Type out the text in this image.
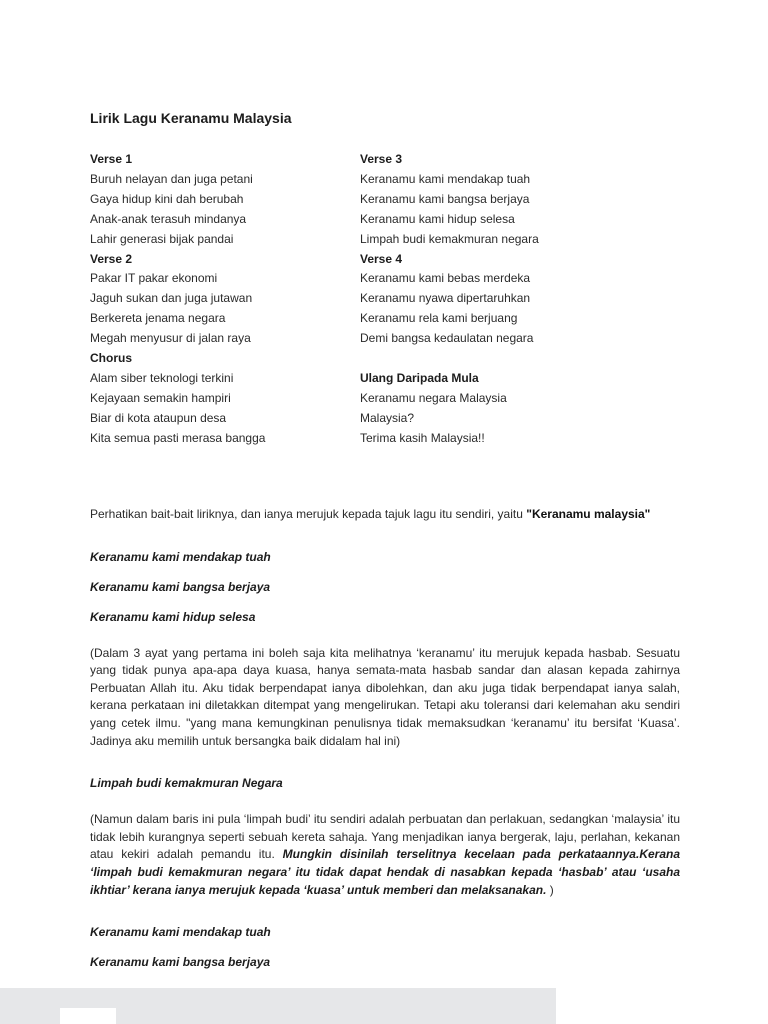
Lirik Lagu Keranamu Malaysia
Verse 1
Buruh nelayan dan juga petani
Gaya hidup kini dah berubah
Anak-anak terasuh mindanya
Lahir generasi bijak pandai
Verse 2
Pakar IT pakar ekonomi
Jaguh sukan dan juga jutawan
Berkereta jenama negara
Megah menyusur di jalan raya
Chorus
Alam siber teknologi terkini
Kejayaan semakin hampiri
Biar di kota ataupun desa
Kita semua pasti merasa bangga
Verse 3
Keranamu kami mendakap tuah
Keranamu kami bangsa berjaya
Keranamu kami hidup selesa
Limpah budi kemakmuran negara
Verse 4
Keranamu kami bebas merdeka
Keranamu nyawa dipertaruhkan
Keranamu rela kami berjuang
Demi bangsa kedaulatan negara
Ulang Daripada Mula
Keranamu negara Malaysia
Malaysia?
Terima kasih Malaysia!!

Perhatikan bait-bait liriknya, dan ianya merujuk kepada tajuk lagu itu sendiri, yaitu "Keranamu malaysia"

Keranamu kami mendakap tuah

Keranamu kami bangsa berjaya

Keranamu kami hidup selesa

(Dalam 3 ayat yang pertama ini boleh saja kita melihatnya ‘keranamu’ itu merujuk kepada hasbab. Sesuatu yang tidak punya apa-apa daya kuasa, hanya semata-mata hasbab sandar dan alasan kepada zahirnya Perbuatan Allah itu. Aku tidak berpendapat ianya dibolehkan, dan aku juga tidak berpendapat ianya salah, kerana perkataan ini diletakkan ditempat yang mengelirukan. Tetapi aku toleransi dari kelemahan aku sendiri yang cetek ilmu. "yang mana kemungkinan penulisnya tidak memaksudkan ‘keranamu’ itu bersifat ‘Kuasa’. Jadinya aku memilih untuk bersangka baik didalam hal ini)

Limpah budi kemakmuran Negara

(Namun dalam baris ini pula ‘limpah budi’ itu sendiri adalah perbuatan dan perlakuan, sedangkan ‘malaysia’ itu tidak lebih kurangnya seperti sebuah kereta sahaja. Yang menjadikan ianya bergerak, laju, perlahan, kekanan atau kekiri adalah pemandu itu. Mungkin disinilah terselitnya kecelaan pada perkataannya.Kerana ‘limpah budi kemakmuran negara’ itu tidak dapat hendak di nasabkan kepada ‘hasbab’ atau ‘usaha ikhtiar’ kerana ianya merujuk kepada ‘kuasa’ untuk memberi dan melaksanakan. )

Keranamu kami mendakap tuah

Keranamu kami bangsa berjaya
